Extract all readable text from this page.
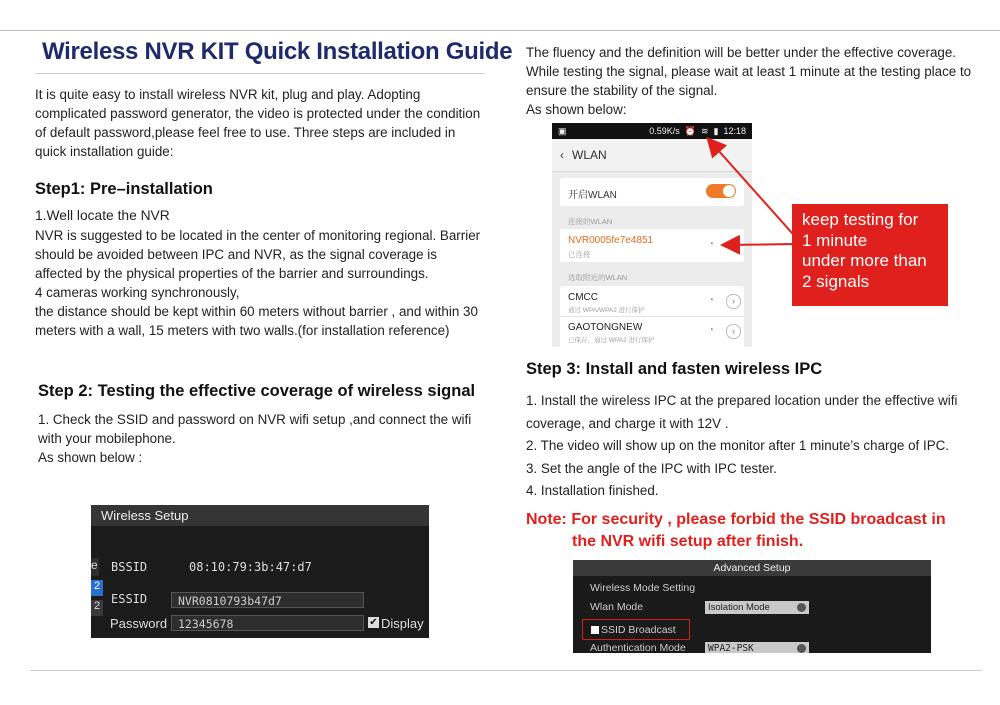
Wireless NVR KIT Quick Installation Guide
It is quite easy to install wireless NVR kit, plug and play. Adopting
complicated password generator, the video is protected under the condition
of default password,please feel free to use. Three steps are included in
quick installation guide:
Step1: Pre–installation
1.Well locate the NVR
NVR is suggested to be located in the center of monitoring regional. Barrier
should be avoided between IPC and NVR, as the signal coverage is
affected by the physical properties of the barrier and surroundings.
4 cameras working synchronously,
the distance should be kept within 60 meters without barrier , and within 30
meters with a wall, 15 meters with two walls.(for installation reference)
Step 2: Testing the effective coverage of wireless signal
1. Check the SSID and password on NVR wifi setup ,and connect the wifi
with your mobilephone.
As shown below :
Wireless Setup
e
2
2
BSSID	08:10:79:3b:47:d7
ESSID	NVR0810793b47d7
Password 12345678	✔ Display
The fluency and the definition will be better under the effective coverage.
While testing the signal, please wait at least 1 minute at the testing place to
ensure the stability of the signal.
As shown below:
▣	0.59K/s ⏰ ≋ ▮ 12:18
‹ WLAN
开启WLAN
连接的WLAN
NVR0005fe7e4851
已连接
◔
选取附近的WLAN
CMCC
通过 WPA/WPA2 进行保护
◔	›
GAOTONGNEW
已保存，通过 WPA2 进行保护
◔	›
keep testing for
1 minute
under more than
2 signals
Step 3: Install and fasten wireless IPC
1. Install the wireless IPC at the prepared location under the effective wifi
coverage, and charge it with 12V .
2. The video will show up on the monitor after 1 minute’s charge of IPC.
3. Set the angle of the IPC with IPC tester.
4. Installation finished.
Note: For security , please forbid the SSID broadcast in
the NVR wifi setup after finish.
Advanced Setup
Wireless Mode Setting
Wlan Mode	Isolation Mode
SSID Broadcast
Authentication Mode	WPA2-PSK
